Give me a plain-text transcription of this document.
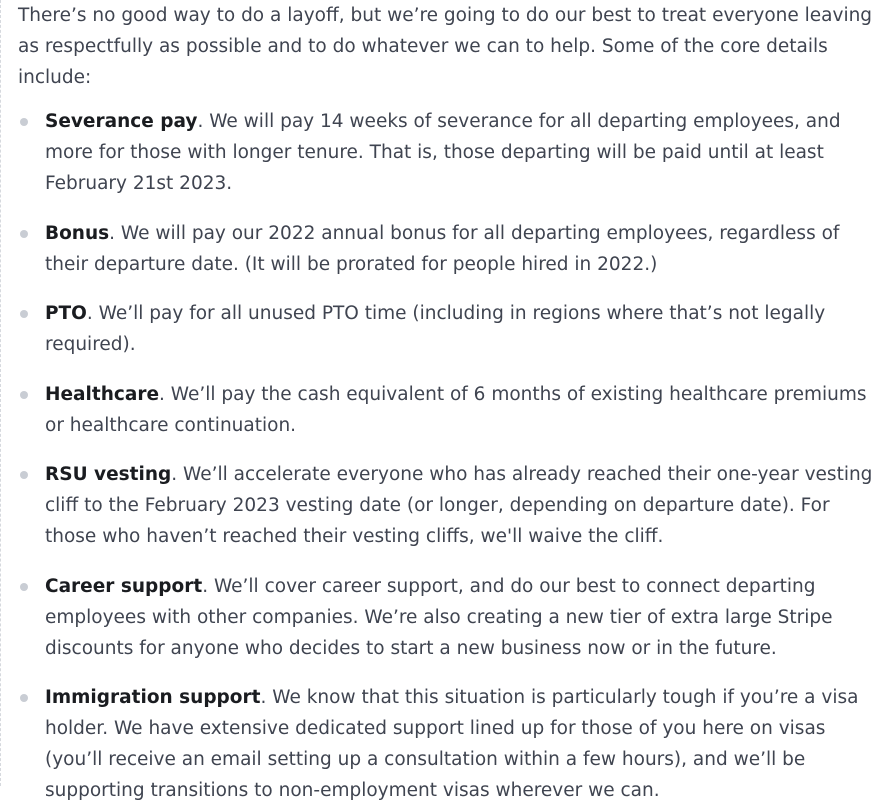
There’s no good way to do a layoff, but we’re going to do our best to treat everyone leaving as respectfully as possible and to do whatever we can to help. Some of the core details include:

Severance pay. We will pay 14 weeks of severance for all departing employees, and more for those with longer tenure. That is, those departing will be paid until at least February 21st 2023.
Bonus. We will pay our 2022 annual bonus for all departing employees, regardless of their departure date. (It will be prorated for people hired in 2022.)
PTO. We’ll pay for all unused PTO time (including in regions where that’s not legally required).
Healthcare. We’ll pay the cash equivalent of 6 months of existing healthcare premiums or healthcare continuation.
RSU vesting. We’ll accelerate everyone who has already reached their one-year vesting cliff to the February 2023 vesting date (or longer, depending on departure date). For those who haven’t reached their vesting cliffs, we'll waive the cliff.
Career support. We’ll cover career support, and do our best to connect departing employees with other companies. We’re also creating a new tier of extra large Stripe discounts for anyone who decides to start a new business now or in the future.
Immigration support. We know that this situation is particularly tough if you’re a visa holder. We have extensive dedicated support lined up for those of you here on visas (you’ll receive an email setting up a consultation within a few hours), and we’ll be supporting transitions to non-employment visas wherever we can.
